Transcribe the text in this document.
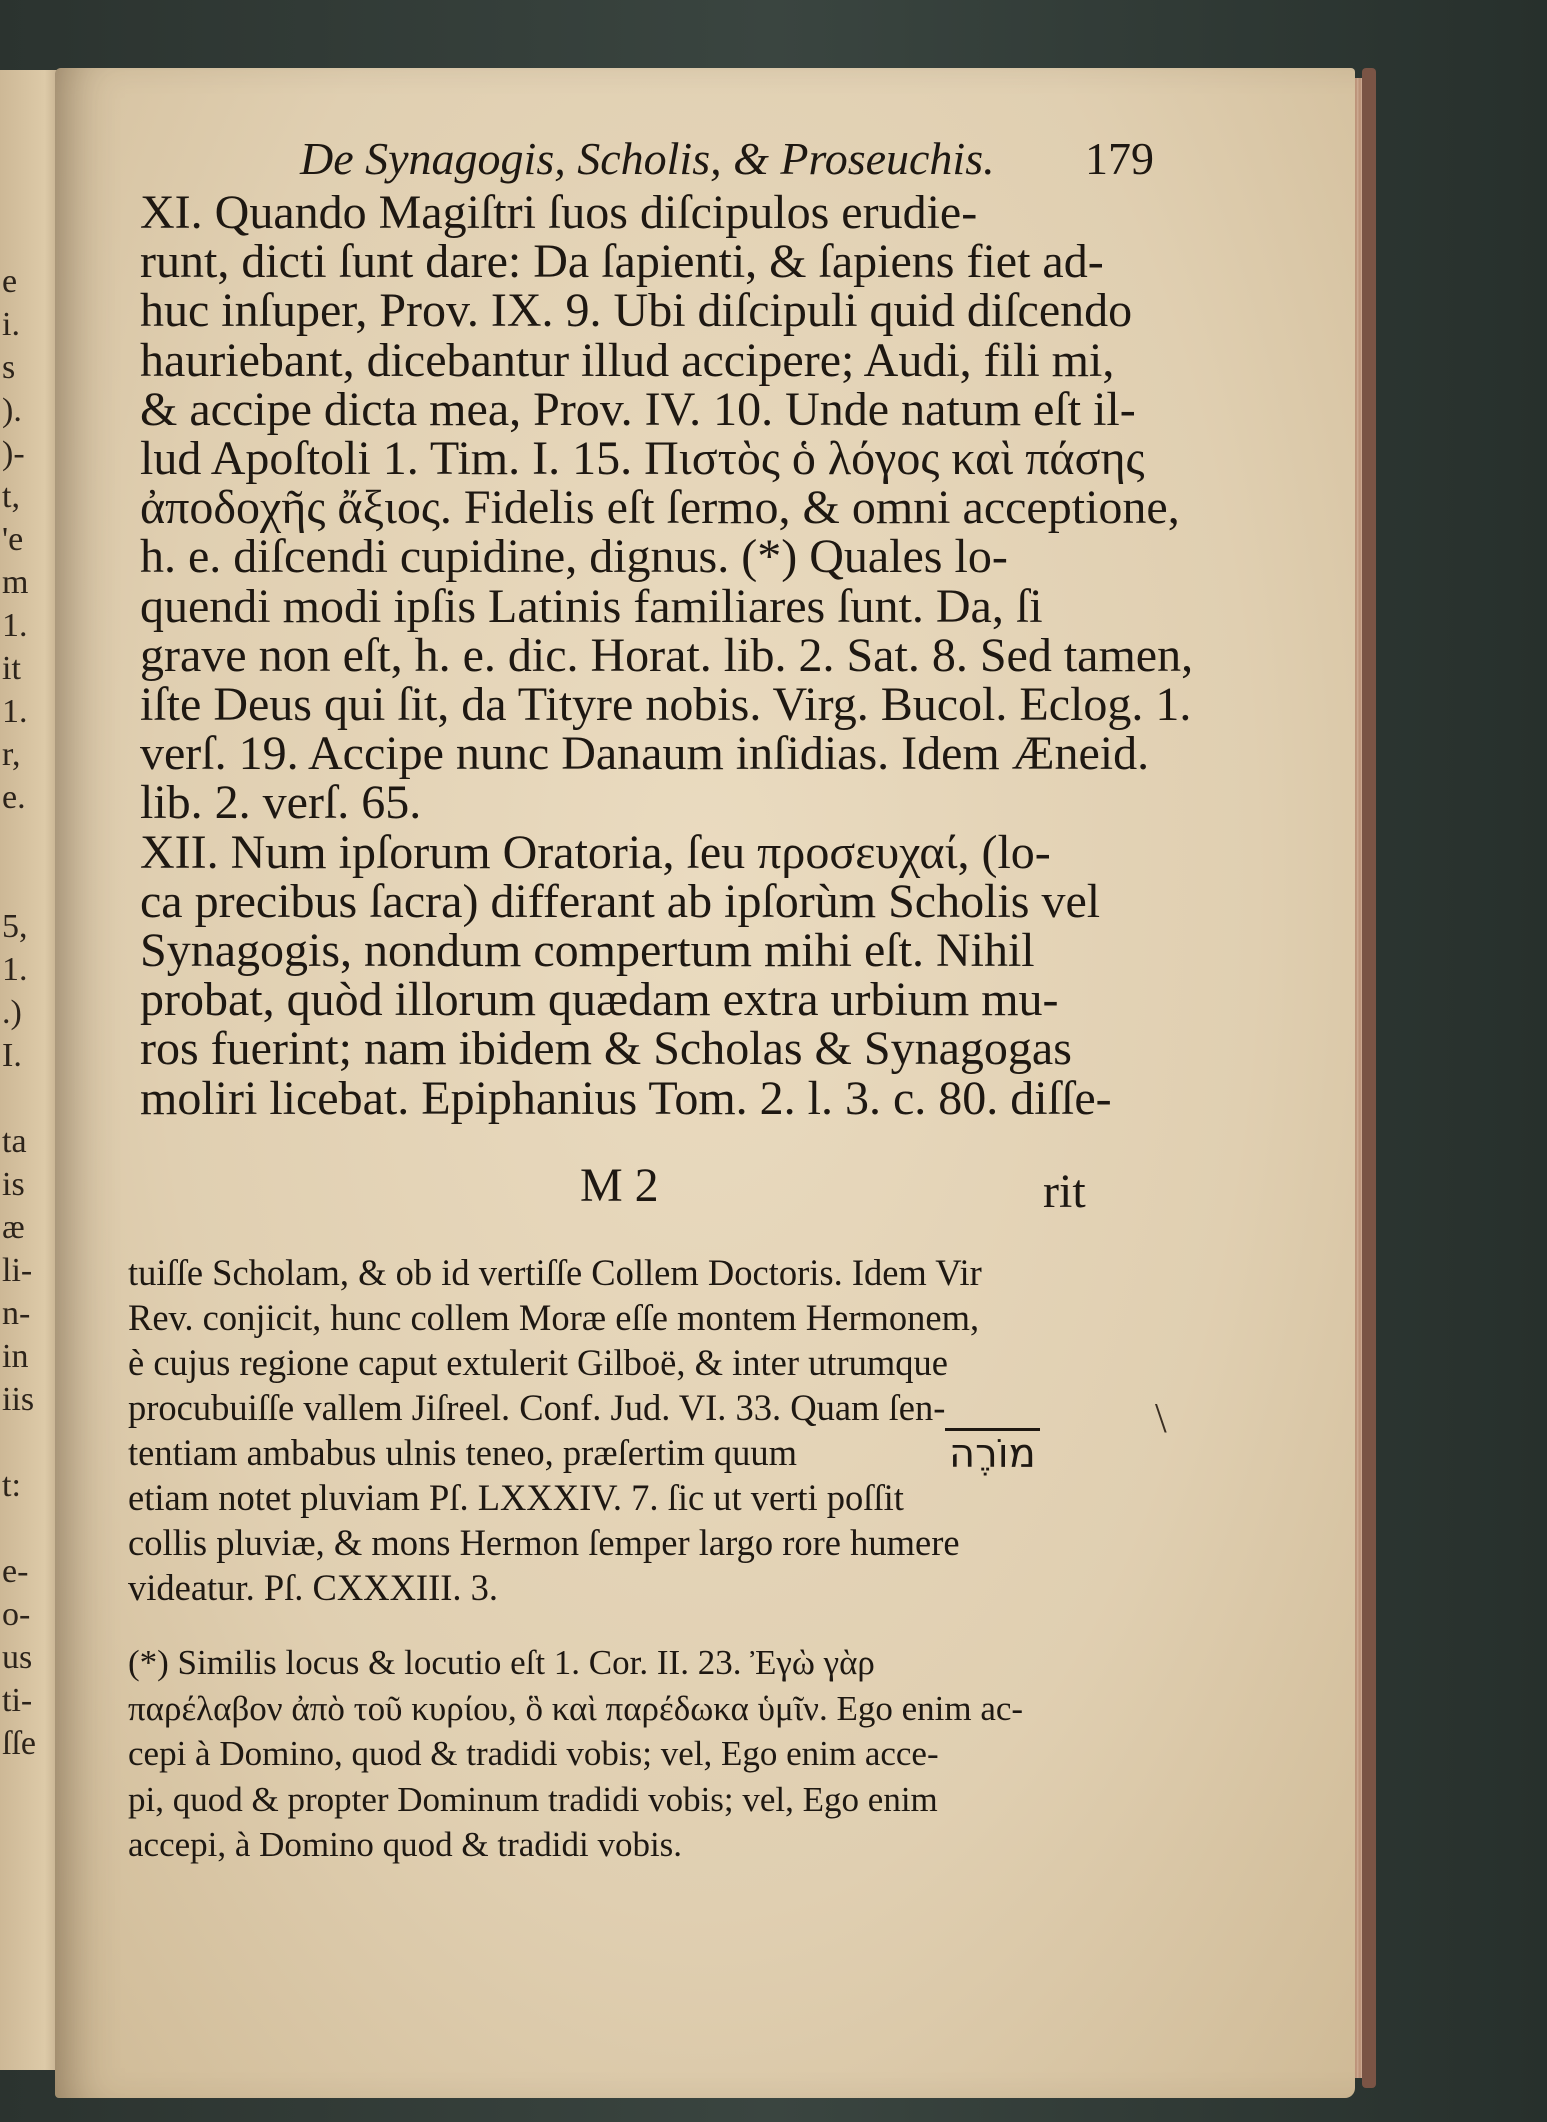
e
i.
s
).
)-
t,
'e
m
1.
it
1.
r,
e.

5,
1.
.)
I.

ta
is
æ
li-
n-
in
iis

t:

e-
o-
us
ti-
ſſe
De Synagogis, Scholis, & Proseuchis. 179
XI. Quando Magiſtri ſuos diſcipulos erudie-
runt, dicti ſunt dare: Da ſapienti, & ſapiens fiet ad-
huc inſuper, Prov. IX. 9. Ubi diſcipuli quid diſcendo
hauriebant, dicebantur illud accipere; Audi, fili mi,
& accipe dicta mea, Prov. IV. 10. Unde natum eſt il-
lud Apoſtoli 1. Tim. I. 15. Πιστὸς ὁ λόγος καὶ πάσης
ἀποδοχῆς ἄξιος. Fidelis eſt ſermo, & omni acceptione,
h. e. diſcendi cupidine, dignus. (*) Quales lo-
quendi modi ipſis Latinis familiares ſunt. Da, ſi
grave non eſt, h. e. dic. Horat. lib. 2. Sat. 8. Sed tamen,
iſte Deus qui ſit, da Tityre nobis. Virg. Bucol. Eclog. 1.
verſ. 19. Accipe nunc Danaum inſidias. Idem Æneid.
lib. 2. verſ. 65.
XII. Num ipſorum Oratoria, ſeu προσευχαί, (lo-
ca precibus ſacra) differant ab ipſorùm Scholis vel
Synagogis, nondum compertum mihi eſt. Nihil
probat, quòd illorum quædam extra urbium mu-
ros fuerint; nam ibidem & Scholas & Synagogas
moliri licebat. Epiphanius Tom. 2. l. 3. c. 80. diſſe-
M 2	rit
tuiſſe Scholam, & ob id vertiſſe Collem Doctoris. Idem Vir
Rev. conjicit, hunc collem Moræ eſſe montem Hermonem,
è cujus regione caput extulerit Gilboë, & inter utrumque
procubuiſſe vallem Jiſreel. Conf. Jud. VI. 33. Quam ſen-
tentiam ambabus ulnis teneo, præſertim quum
etiam notet pluviam Pſ. LXXXIV. 7. ſic ut verti poſſit
collis pluviæ, & mons Hermon ſemper largo rore humere
videatur. Pſ. CXXXIII. 3.
מוֹרֶה
\
(*) Similis locus & locutio eſt 1. Cor. II. 23. Ἐγὼ γὰρ
παρέλαβον ἀπὸ τοῦ κυρίου, ὃ καὶ παρέδωκα ὑμῖν. Ego enim ac-
cepi à Domino, quod & tradidi vobis; vel, Ego enim acce-
pi, quod & propter Dominum tradidi vobis; vel, Ego enim
accepi, à Domino quod & tradidi vobis.
